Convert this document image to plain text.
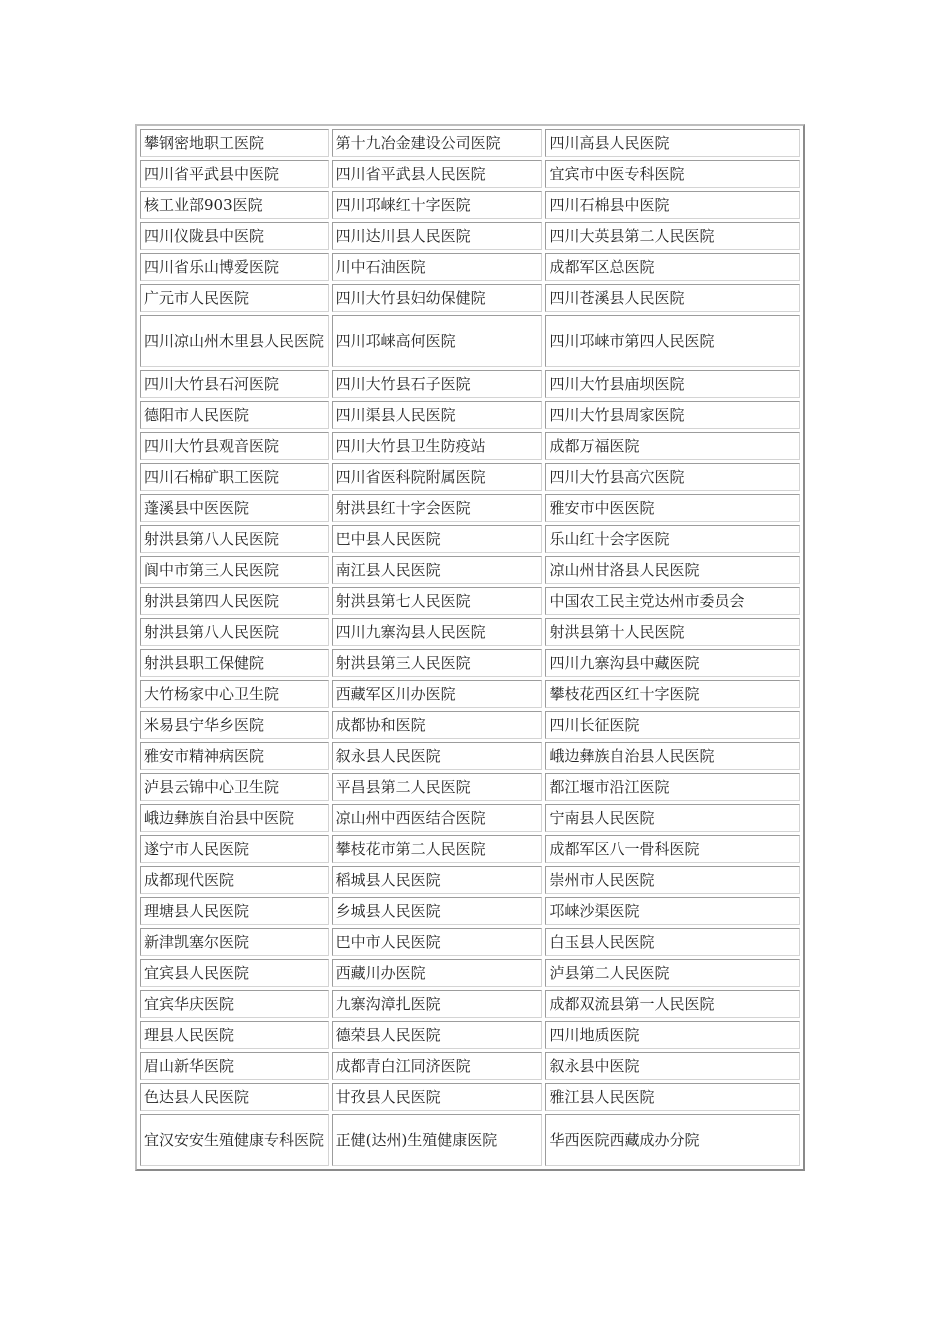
攀钢密地职工医院	第十九冶金建设公司医院	四川高县人民医院
四川省平武县中医院	四川省平武县人民医院	宜宾市中医专科医院
核工业部903医院	四川邛崃红十字医院	四川石棉县中医院
四川仪陇县中医院	四川达川县人民医院	四川大英县第二人民医院
四川省乐山博爱医院	川中石油医院	成都军区总医院
广元市人民医院	四川大竹县妇幼保健院	四川苍溪县人民医院
四川凉山州木里县人民医院	四川邛崃高何医院	四川邛崃市第四人民医院
四川大竹县石河医院	四川大竹县石子医院	四川大竹县庙坝医院
德阳市人民医院	四川渠县人民医院	四川大竹县周家医院
四川大竹县观音医院	四川大竹县卫生防疫站	成都万福医院
四川石棉矿职工医院	四川省医科院附属医院	四川大竹县高穴医院
蓬溪县中医医院	射洪县红十字会医院	雅安市中医医院
射洪县第八人民医院	巴中县人民医院	乐山红十会字医院
阆中市第三人民医院	南江县人民医院	凉山州甘洛县人民医院
射洪县第四人民医院	射洪县第七人民医院	中国农工民主党达州市委员会
射洪县第八人民医院	四川九寨沟县人民医院	射洪县第十人民医院
射洪县职工保健院	射洪县第三人民医院	四川九寨沟县中藏医院
大竹杨家中心卫生院	西藏军区川办医院	攀枝花西区红十字医院
米易县宁华乡医院	成都协和医院	四川长征医院
雅安市精神病医院	叙永县人民医院	峨边彝族自治县人民医院
泸县云锦中心卫生院	平昌县第二人民医院	都江堰市沿江医院
峨边彝族自治县中医院	凉山州中西医结合医院	宁南县人民医院
遂宁市人民医院	攀枝花市第二人民医院	成都军区八一骨科医院
成都现代医院	稻城县人民医院	崇州市人民医院
理塘县人民医院	乡城县人民医院	邛崃沙渠医院
新津凯塞尔医院	巴中市人民医院	白玉县人民医院
宜宾县人民医院	西藏川办医院	泸县第二人民医院
宜宾华庆医院	九寨沟漳扎医院	成都双流县第一人民医院
理县人民医院	德荣县人民医院	四川地质医院
眉山新华医院	成都青白江同济医院	叙永县中医院
色达县人民医院	甘孜县人民医院	雅江县人民医院
宜汉安安生殖健康专科医院	正健(达州)生殖健康医院	华西医院西藏成办分院
